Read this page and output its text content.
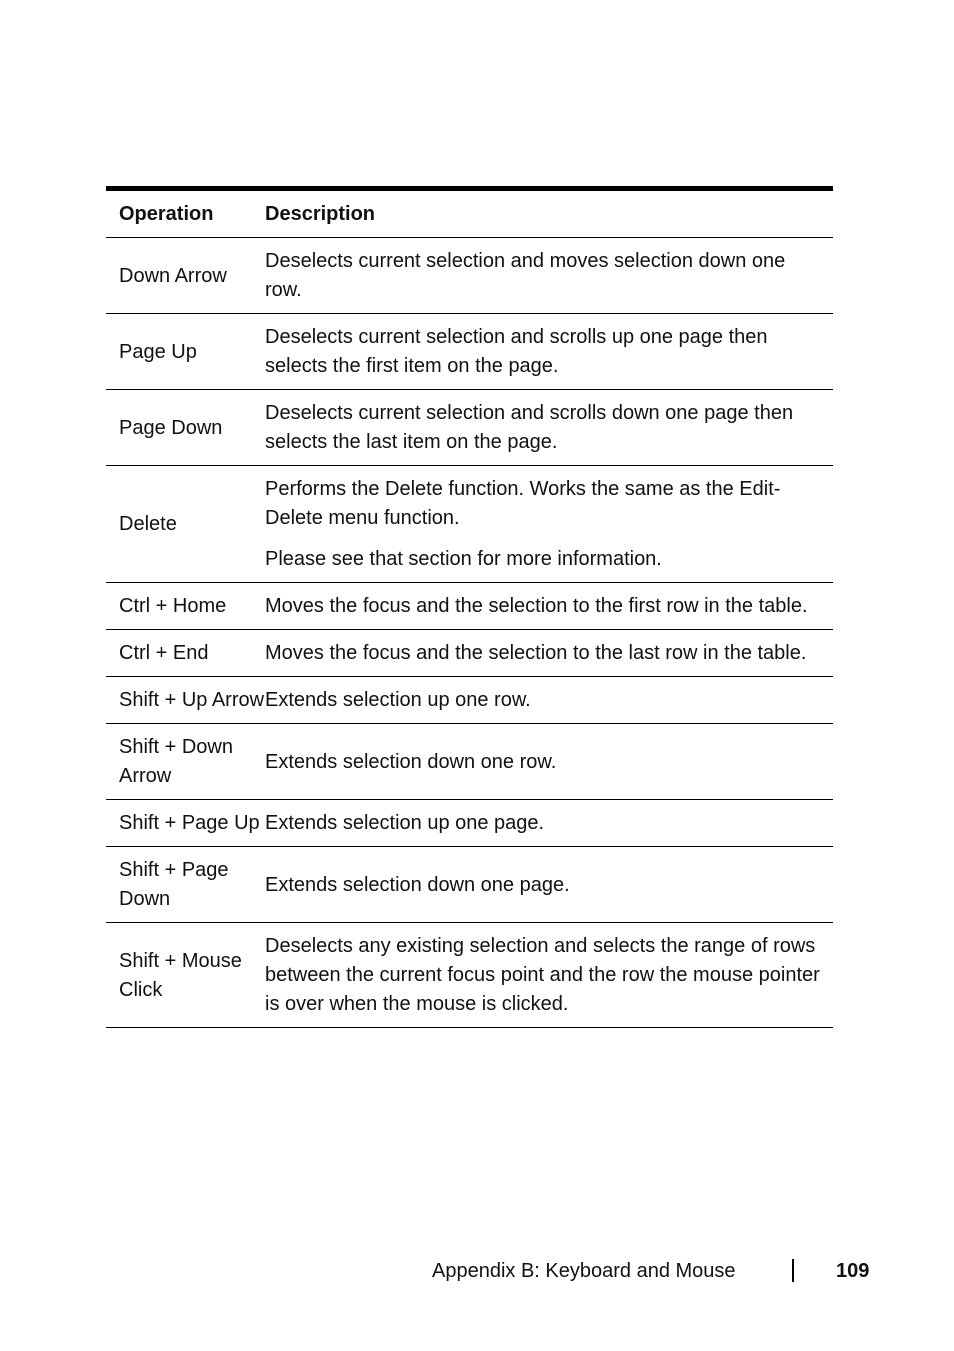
Operation	Description
Down Arrow	Deselects current selection and moves selection down one row.

Page Up	Deselects current selection and scrolls up one page then selects the first item on the page.

Page Down	Deselects current selection and scrolls down one page then selects the last item on the page.

Delete	Performs the Delete function. Works the same as the Edit-Delete menu function.
Please see that section for more information.

Ctrl + Home	Moves the focus and the selection to the first row in the table.

Ctrl + End	Moves the focus and the selection to the last row in the table.

Shift + Up Arrow	Extends selection up one row.

Shift + Down Arrow	Extends selection down one row.

Shift + Page Up	Extends selection up one page.

Shift + Page Down	Extends selection down one page.

Shift + Mouse Click	Deselects any existing selection and selects the range of rows between the current focus point and the row the mouse pointer is over when the mouse is clicked.
Appendix B: Keyboard and Mouse	109
